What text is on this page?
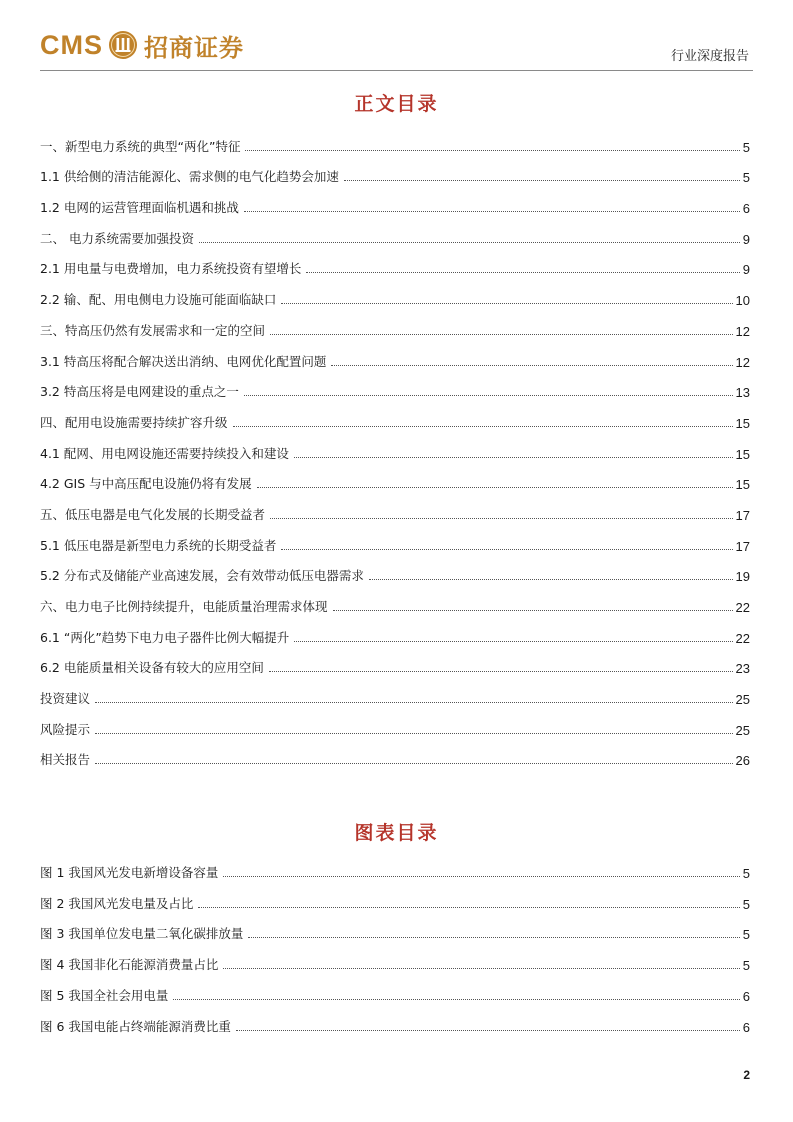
CMS 招商证券	行业深度报告
正文目录
一、新型电力系统的典型“两化”特征	5
1.1 供给侧的清洁能源化、需求侧的电气化趋势会加速	5
1.2 电网的运营管理面临机遇和挑战	6
二、 电力系统需要加强投资	9
2.1 用电量与电费增加，电力系统投资有望增长	9
2.2 输、配、用电侧电力设施可能面临缺口	10
三、特高压仍然有发展需求和一定的空间	12
3.1 特高压将配合解决送出消纳、电网优化配置问题	12
3.2 特高压将是电网建设的重点之一	13
四、配用电设施需要持续扩容升级	15
4.1 配网、用电网设施还需要持续投入和建设	15
4.2 GIS 与中高压配电设施仍将有发展	15
五、低压电器是电气化发展的长期受益者	17
5.1 低压电器是新型电力系统的长期受益者	17
5.2 分布式及储能产业高速发展，会有效带动低压电器需求	19
六、电力电子比例持续提升，电能质量治理需求体现	22
6.1 “两化”趋势下电力电子器件比例大幅提升	22
6.2 电能质量相关设备有较大的应用空间	23
投资建议	25
风险提示	25
相关报告	26
图表目录
图 1 我国风光发电新增设备容量	5
图 2 我国风光发电量及占比	5
图 3 我国单位发电量二氧化碳排放量	5
图 4 我国非化石能源消费量占比	5
图 5 我国全社会用电量	6
图 6 我国电能占终端能源消费比重	6
2
